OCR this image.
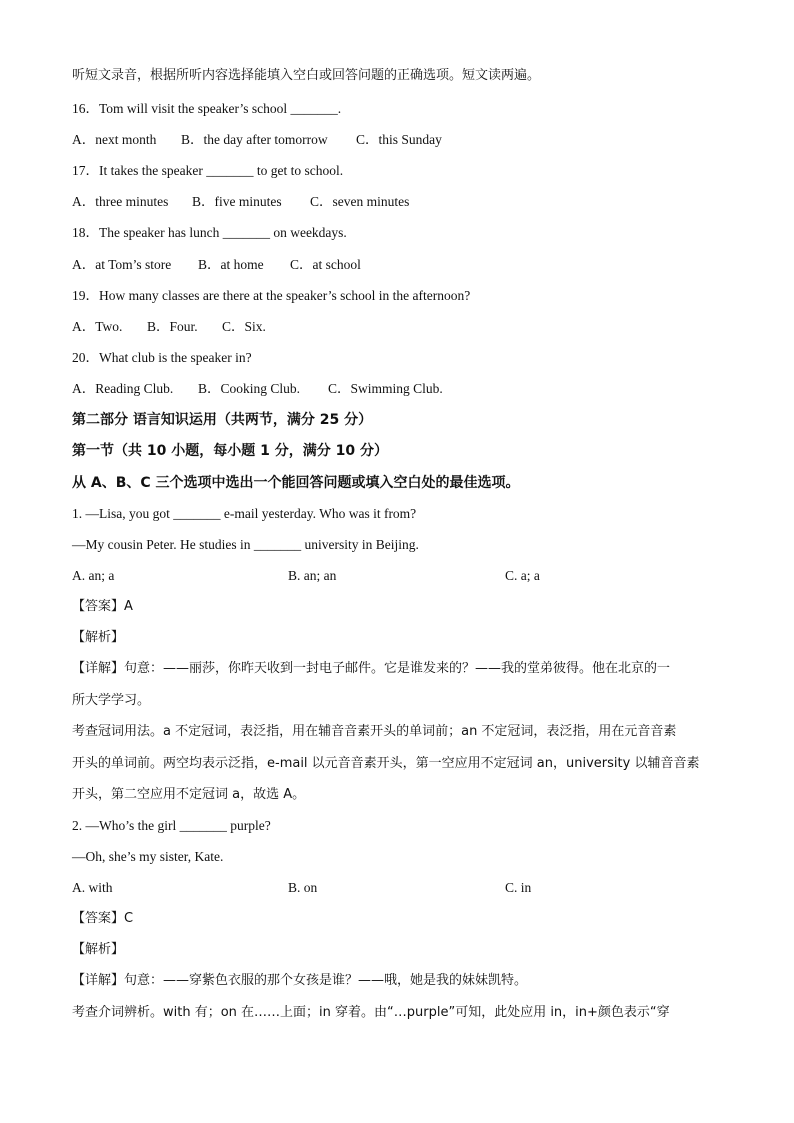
听短文录音，根据所听内容选择能填入空白或回答问题的正确选项。短文读两遍。
16．Tom will visit the speaker’s school _______.
A．next month B．the day after tomorrow C．this Sunday
17．It takes the speaker _______ to get to school.
A．three minutes B．five minutes C．seven minutes
18．The speaker has lunch _______ on weekdays.
A．at Tom’s store B．at home C．at school
19．How many classes are there at the speaker’s school in the afternoon?
A．Two. B．Four. C．Six.
20．What club is the speaker in?
A．Reading Club. B．Cooking Club. C．Swimming Club.
第二部分 语言知识运用（共两节，满分 25 分）
第一节（共 10 小题，每小题 1 分，满分 10 分）
从 A、B、C 三个选项中选出一个能回答问题或填入空白处的最佳选项。
1. —Lisa, you got _______ e-mail yesterday. Who was it from?
—My cousin Peter. He studies in _______ university in Beijing.
A. an; a	B. an; an	C. a; a
【答案】A
【解析】
【详解】句意：——丽莎，你昨天收到一封电子邮件。它是谁发来的？——我的堂弟彼得。他在北京的一
所大学学习。
考查冠词用法。a 不定冠词，表泛指，用在辅音音素开头的单词前；an 不定冠词，表泛指，用在元音音素
开头的单词前。两空均表示泛指，e-mail 以元音音素开头，第一空应用不定冠词 an，university 以辅音音素
开头，第二空应用不定冠词 a，故选 A。
2. —Who’s the girl _______ purple?
—Oh, she’s my sister, Kate.
A. with	B. on	C. in
【答案】C
【解析】
【详解】句意：——穿紫色衣服的那个女孩是谁？——哦，她是我的妹妹凯特。
考查介词辨析。with 有；on 在……上面；in 穿着。由“…purple”可知，此处应用 in，in+颜色表示“穿
